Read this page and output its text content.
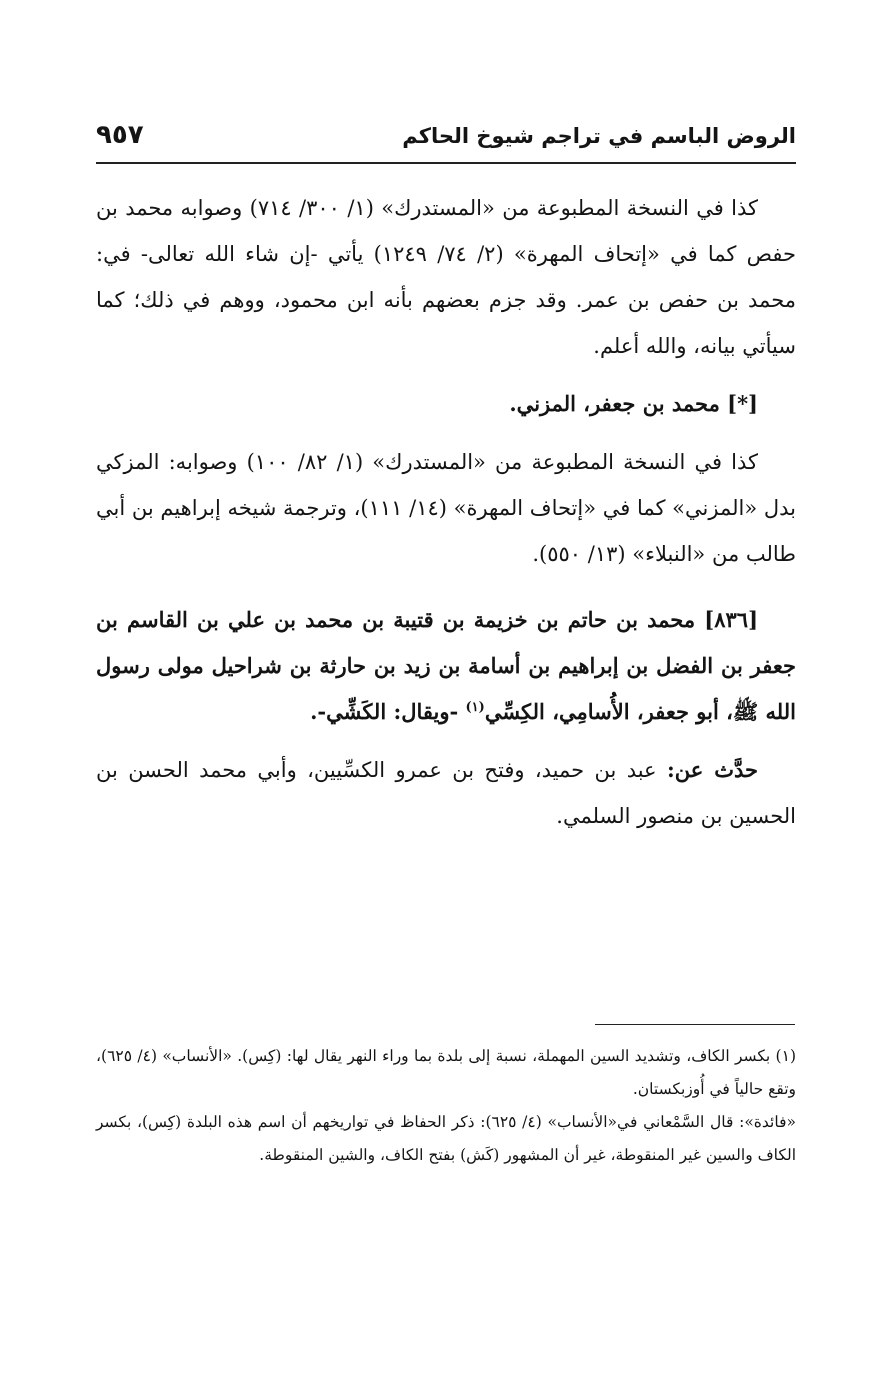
الروض الباسم في تراجم شيوخ الحاكم
٩٥٧

كذا في النسخة المطبوعة من «المستدرك» (١/ ٣٠٠/ ٧١٤) وصوابه محمد بن حفص كما في «إتحاف المهرة» (٢/ ٧٤/ ١٢٤٩) يأتي -إن شاء الله تعالى- في: محمد بن حفص بن عمر. وقد جزم بعضهم بأنه ابن محمود، ووهم في ذلك؛ كما سيأتي بيانه، والله أعلم.

[*] محمد بن جعفر، المزني.

كذا في النسخة المطبوعة من «المستدرك» (١/ ٨٢/ ١٠٠) وصوابه: المزكي بدل «المزني» كما في «إتحاف المهرة» (١٤/ ١١١)، وترجمة شيخه إبراهيم بن أبي طالب من «النبلاء» (١٣/ ٥٥٠).

[٨٣٦] محمد بن حاتم بن خزيمة بن قتيبة بن محمد بن علي بن القاسم بن جعفر بن الفضل بن إبراهيم بن أسامة بن زيد بن حارثة بن شراحيل مولى رسول الله ﷺ، أبو جعفر، الأُسامِي، الكِسِّي$^{(١)}$ -ويقال: الكَشِّي-.

حدَّث عن: عبد بن حميد، وفتح بن عمرو الكسِّيين، وأبي محمد الحسن بن الحسين بن منصور السلمي.

(١) بكسر الكاف، وتشديد السين المهملة، نسبة إلى بلدة بما وراء النهر يقال لها: (كِس). «الأنساب» (٤/ ٦٢٥)، وتقع حالياً في أُوزبكستان.

«فائدة»: قال السَّمْعاني في«الأنساب» (٤/ ٦٢٥): ذكر الحفاظ في تواريخهم أن اسم هذه البلدة (كِس)، بكسر الكاف والسين غير المنقوطة، غير أن المشهور (كَش) بفتح الكاف، والشين المنقوطة.
